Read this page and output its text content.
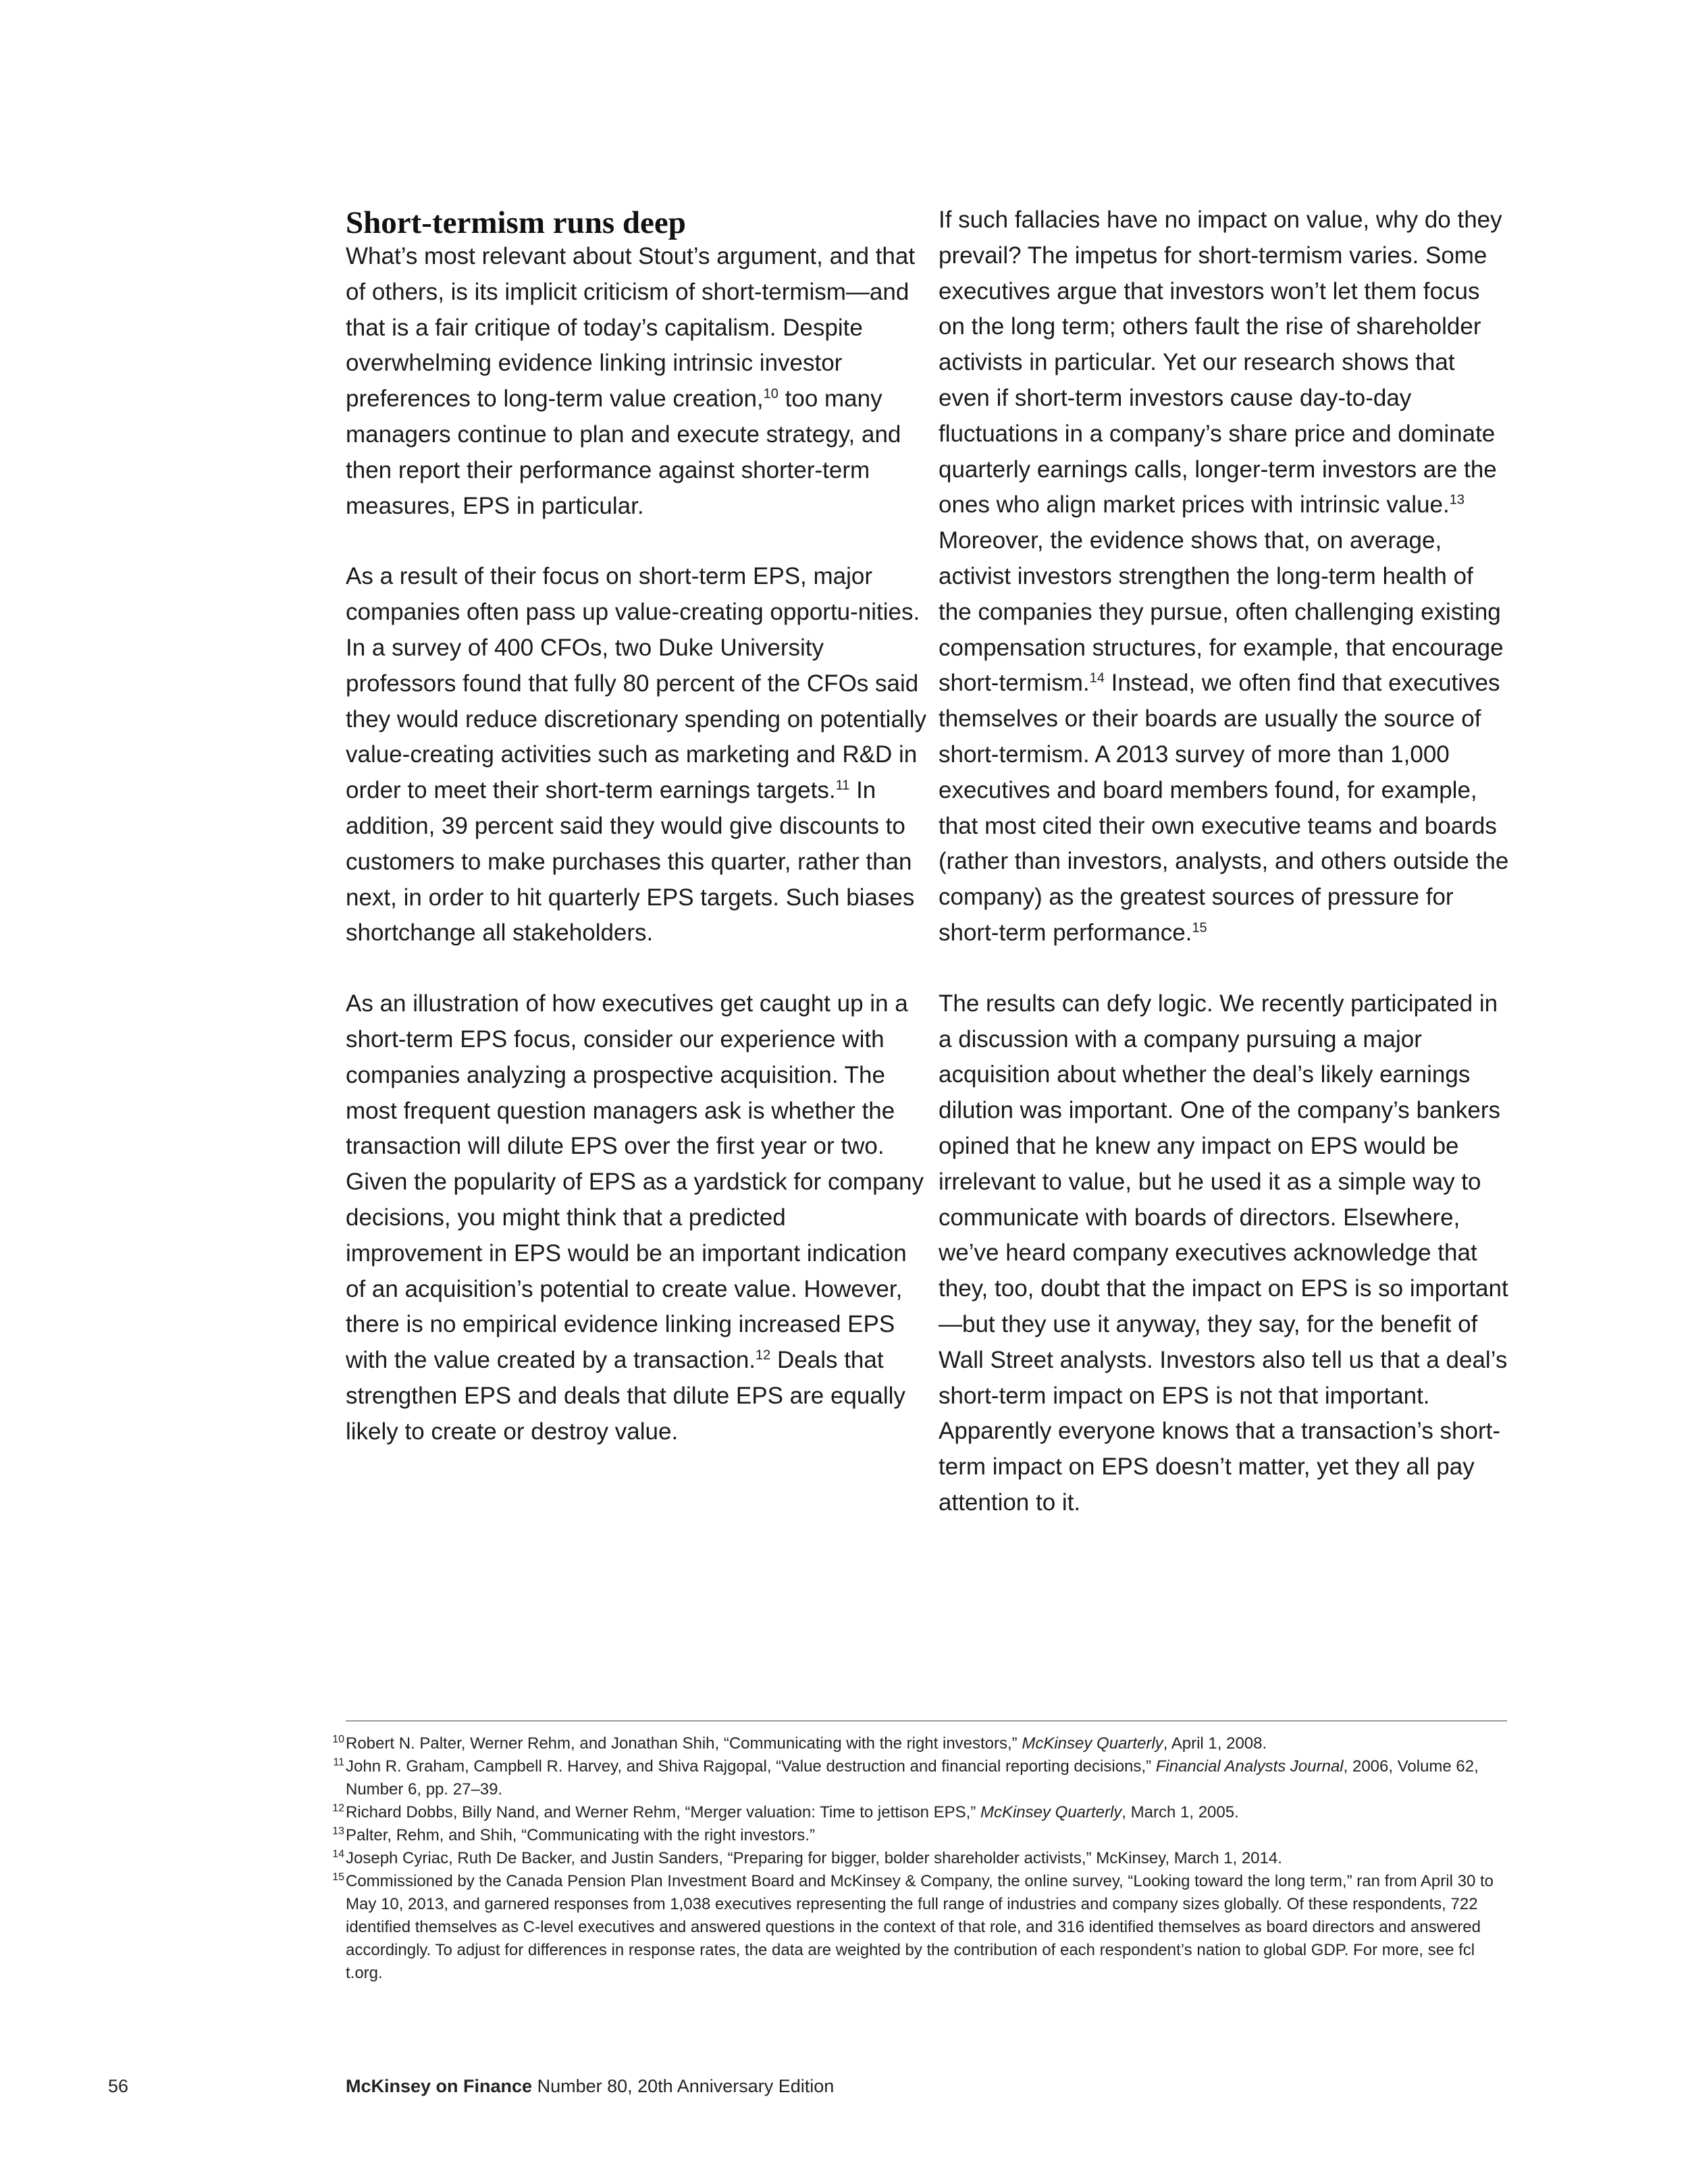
Short-termism runs deep

What’s most relevant about Stout’s argument, and that of others, is its implicit criticism of short-termism—and that is a fair critique of today’s capitalism. Despite overwhelming evidence linking intrinsic investor preferences to long-term value creation,$^{10}$ too many managers continue to plan and execute strategy, and then report their performance against shorter-term measures, EPS in particular.

As a result of their focus on short-term EPS, major companies often pass up value-creating opportu-nities. In a survey of 400 CFOs, two Duke University professors found that fully 80 percent of the CFOs said they would reduce discretionary spending on potentially value-creating activities such as marketing and R&D in order to meet their short-term earnings targets.$^{11}$ In addition, 39 percent said they would give discounts to customers to make purchases this quarter, rather than next, in order to hit quarterly EPS targets. Such biases shortchange all stakeholders.

As an illustration of how executives get caught up in a short-term EPS focus, consider our experience with companies analyzing a prospective acquisition. The most frequent question managers ask is whether the transaction will dilute EPS over the first year or two. Given the popularity of EPS as a yardstick for company decisions, you might think that a predicted improvement in EPS would be an important indication of an acquisition’s potential to create value. However, there is no empirical evidence linking increased EPS with the value created by a transaction.$^{12}$ Deals that strengthen EPS and deals that dilute EPS are equally likely to create or destroy value.

If such fallacies have no impact on value, why do they prevail? The impetus for short-termism varies. Some executives argue that investors won’t let them focus on the long term; others fault the rise of shareholder activists in particular. Yet our research shows that even if short-term investors cause day-to-day fluctuations in a company’s share price and dominate quarterly earnings calls, longer-term investors are the ones who align market prices with intrinsic value.$^{13}$ Moreover, the evidence shows that, on average, activist investors strengthen the long-term health of the companies they pursue, often challenging existing compensation structures, for example, that encourage short-termism.$^{14}$ Instead, we often find that executives themselves or their boards are usually the source of short-termism. A 2013 survey of more than 1,000 executives and board members found, for example, that most cited their own executive teams and boards (rather than investors, analysts, and others outside the company) as the greatest sources of pressure for short-term performance.$^{15}$

The results can defy logic. We recently participated in a discussion with a company pursuing a major acquisition about whether the deal’s likely earnings dilution was important. One of the company’s bankers opined that he knew any impact on EPS would be irrelevant to value, but he used it as a simple way to communicate with boards of directors. Elsewhere, we’ve heard company executives acknowledge that they, too, doubt that the impact on EPS is so important—but they use it anyway, they say, for the benefit of Wall Street analysts. Investors also tell us that a deal’s short-term impact on EPS is not that important. Apparently everyone knows that a transaction’s short-term impact on EPS doesn’t matter, yet they all pay attention to it.

10 Robert N. Palter, Werner Rehm, and Jonathan Shih, “Communicating with the right investors,” McKinsey Quarterly, April 1, 2008.

11 John R. Graham, Campbell R. Harvey, and Shiva Rajgopal, “Value destruction and financial reporting decisions,” Financial Analysts Journal, 2006, Volume 62, Number 6, pp. 27–39.

12 Richard Dobbs, Billy Nand, and Werner Rehm, “Merger valuation: Time to jettison EPS,” McKinsey Quarterly, March 1, 2005.

13 Palter, Rehm, and Shih, “Communicating with the right investors.”

14 Joseph Cyriac, Ruth De Backer, and Justin Sanders, “Preparing for bigger, bolder shareholder activists,” McKinsey, March 1, 2014.

15 Commissioned by the Canada Pension Plan Investment Board and McKinsey & Company, the online survey, “Looking toward the long term,” ran from April 30 to May 10, 2013, and garnered responses from 1,038 executives representing the full range of industries and company sizes globally. Of these respondents, 722 identified themselves as C-level executives and answered questions in the context of that role, and 316 identified themselves as board directors and answered accordingly. To adjust for differences in response rates, the data are weighted by the contribution of each respondent’s nation to global GDP. For more, see fcl t.org.

56	McKinsey on Finance Number 80, 20th Anniversary Edition
